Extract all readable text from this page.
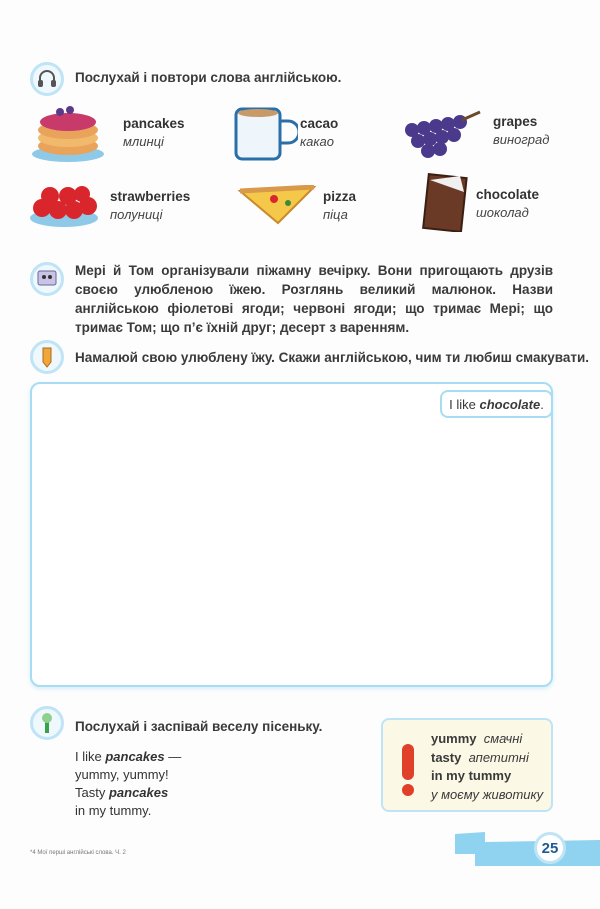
Послухай і повтори слова англійською.
pancakes
млинці
cacao
какао
grapes
виноград
strawberries
полуниці
pizza
піца
chocolate
шоколад
Мері й Том організували піжамну вечірку. Вони пригощають друзів своєю улюбленою їжею. Розглянь великий малюнок. Назви англійською фіолетові ягоди; червоні ягоди; що тримає Мері; що тримає Том; що п’є їхній друг; десерт з варенням.
Намалюй свою улюблену їжу. Скажи англійською, чим ти любиш смакувати.
I like chocolate .
Послухай і заспівай веселу пісеньку.
I like pancakes —
yummy, yummy!
Tasty pancakes
in my tummy.
yummy смачні
tasty апетитні
in my tummy
у моєму животику
*4 Мої перші англійські слова. Ч. 2	25
